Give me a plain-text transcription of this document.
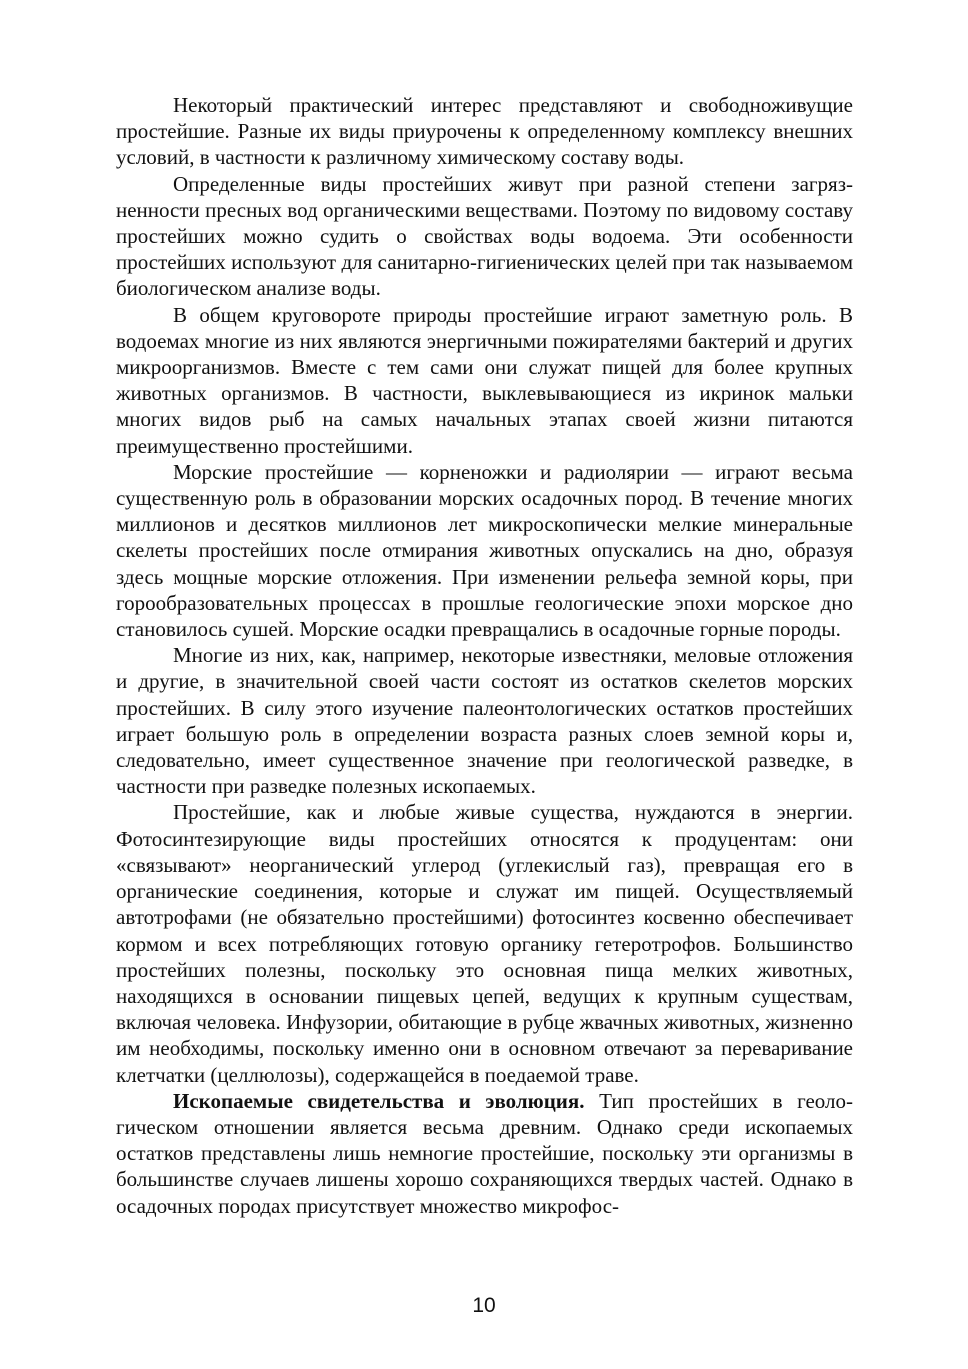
Некоторый практический интерес представляют и свободноживущие простейшие. Разные их виды приурочены к определенному комплексу внешних условий, в частности к различному химическому составу воды.

Определенные виды простейших живут при разной степени загрязненности пресных вод органическими веществами. Поэтому по видовому составу простейших можно судить о свойствах воды водоема. Эти особенности простейших используют для санитарно-гигиенических целей при так называемом биологическом анализе воды.

В общем круговороте природы простейшие играют заметную роль. В водоемах многие из них являются энергичными пожирателями бактерий и других микроорганизмов. Вместе с тем сами они служат пищей для более крупных животных организмов. В частности, выклевывающиеся из икринок мальки многих видов рыб на самых начальных этапах своей жизни питаются преимущественно простейшими.

Морские простейшие — корненожки и радиолярии — играют весьма существенную роль в образовании морских осадочных пород. В течение многих миллионов и десятков миллионов лет микроскопически мелкие минеральные скелеты простейших после отмирания животных опускались на дно, образуя здесь мощные морские отложения. При изменении рельефа земной коры, при горообразовательных процессах в прошлые геологические эпохи морское дно становилось сушей. Морские осадки превращались в осадочные горные породы.

Многие из них, как, например, некоторые известняки, меловые отложения и другие, в значительной своей части состоят из остатков скелетов морских простейших. В силу этого изучение палеонтологических остатков простейших играет большую роль в определении возраста разных слоев земной коры и, следовательно, имеет существенное значение при геологической разведке, в частности при разведке полезных ископаемых.

Простейшие, как и любые живые существа, нуждаются в энергии. Фотосинтезирующие виды простейших относятся к продуцентам: они «связывают» неорганический углерод (углекислый газ), превращая его в органические соединения, которые и служат им пищей. Осуществляемый автотрофами (не обязательно простейшими) фотосинтез косвенно обеспечивает кормом и всех потребляющих готовую органику гетеротрофов. Большинство простейших полезны, поскольку это основная пища мелких животных, находящихся в основании пищевых цепей, ведущих к крупным существам, включая человека. Инфузории, обитающие в рубце жвачных животных, жизненно им необходимы, поскольку именно они в основном отвечают за переваривание клетчатки (целлюлозы), содержащейся в поедаемой траве.

Ископаемые свидетельства и эволюция. Тип простейших в геологическом отношении является весьма древним. Однако среди ископаемых остатков представлены лишь немногие простейшие, поскольку эти организмы в большинстве случаев лишены хорошо сохраняющихся твердых частей. Однако в осадочных породах присутствует множество микрофос-

10
